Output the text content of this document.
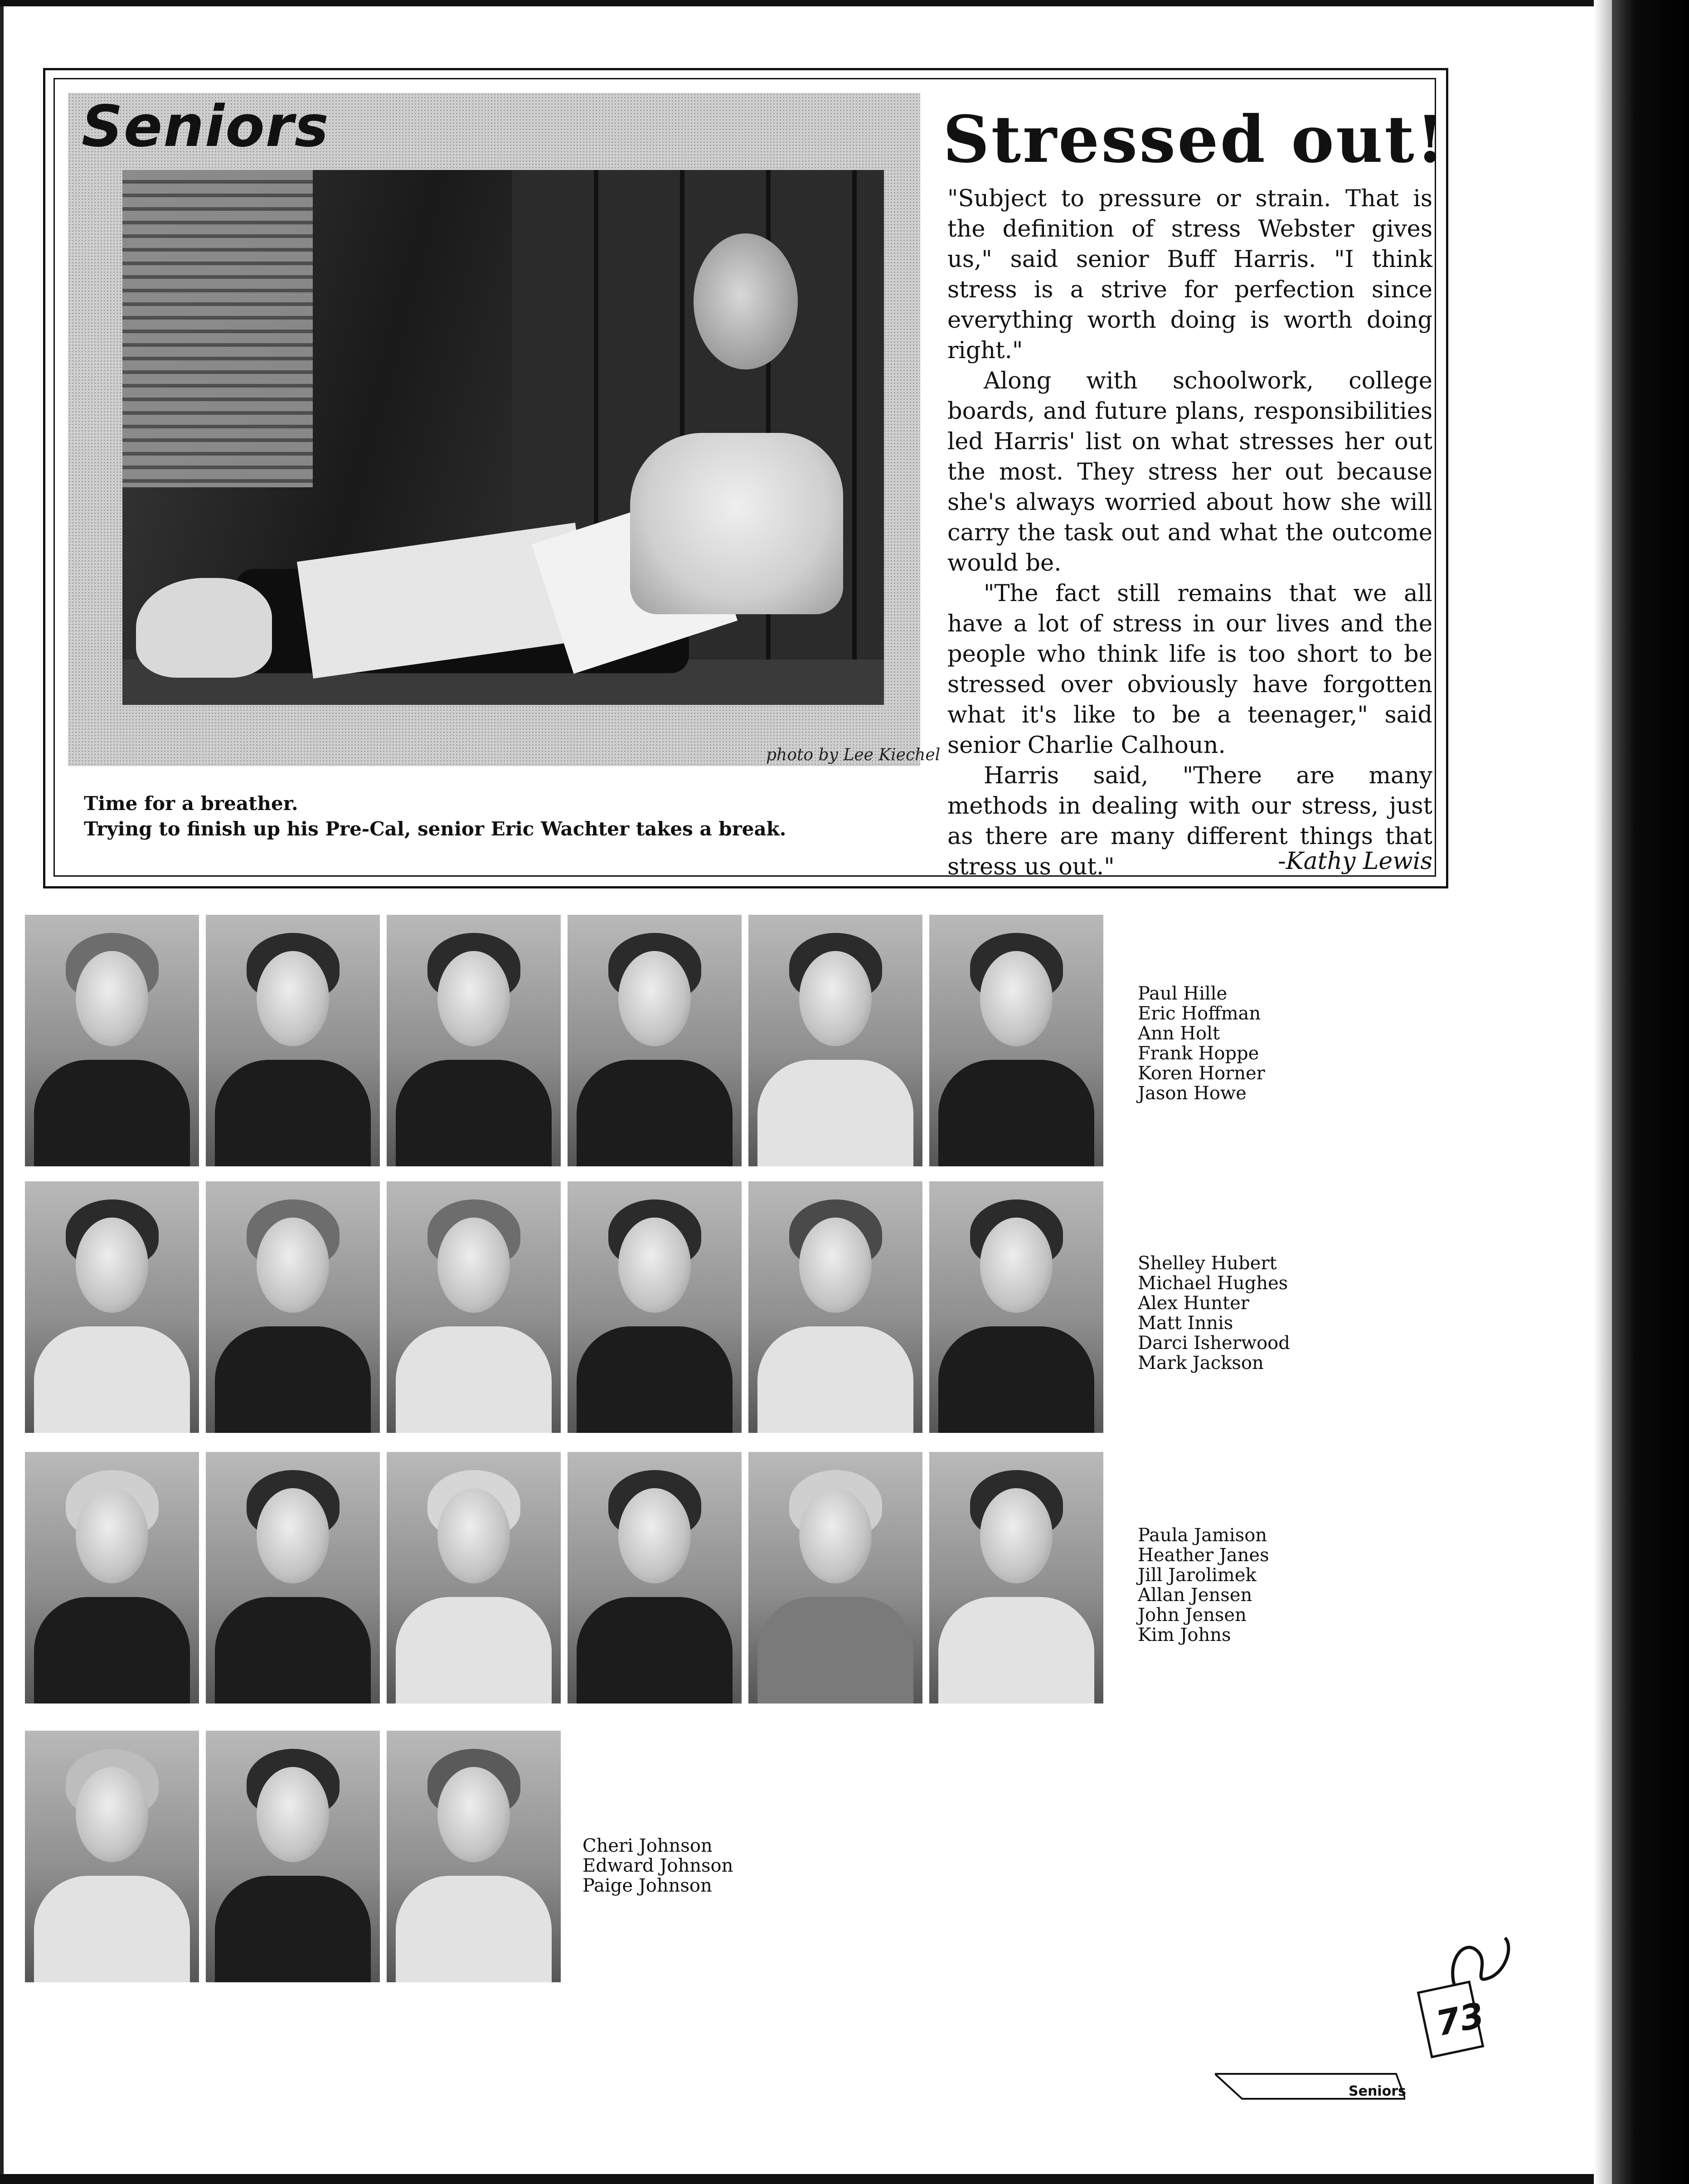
Seniors
photo by Lee Kiechel
Time for a breather.
Trying to finish up his Pre-Cal, senior Eric Wachter takes a break.
Stressed out!

"Subject to pressure or strain. That is the definition of stress Webster gives us," said senior Buff Harris. "I think stress is a strive for perfection since everything worth doing is worth doing right."

Along with schoolwork, college boards, and future plans, responsibilities led Harris' list on what stresses her out the most. They stress her out because she's always worried about how she will carry the task out and what the outcome would be.

"The fact still remains that we all have a lot of stress in our lives and the people who think life is too short to be stressed over obviously have forgotten what it's like to be a teenager," said senior Charlie Calhoun.

Harris said, "There are many methods in dealing with our stress, just as there are many different things that stress us out."	-Kathy Lewis
Paul Hille
Eric Hoffman
Ann Holt
Frank Hoppe
Koren Horner
Jason Howe
Shelley Hubert
Michael Hughes
Alex Hunter
Matt Innis
Darci Isherwood
Mark Jackson
Paula Jamison
Heather Janes
Jill Jarolimek
Allan Jensen
John Jensen
Kim Johns
Cheri Johnson
Edward Johnson
Paige Johnson
73
Seniors
